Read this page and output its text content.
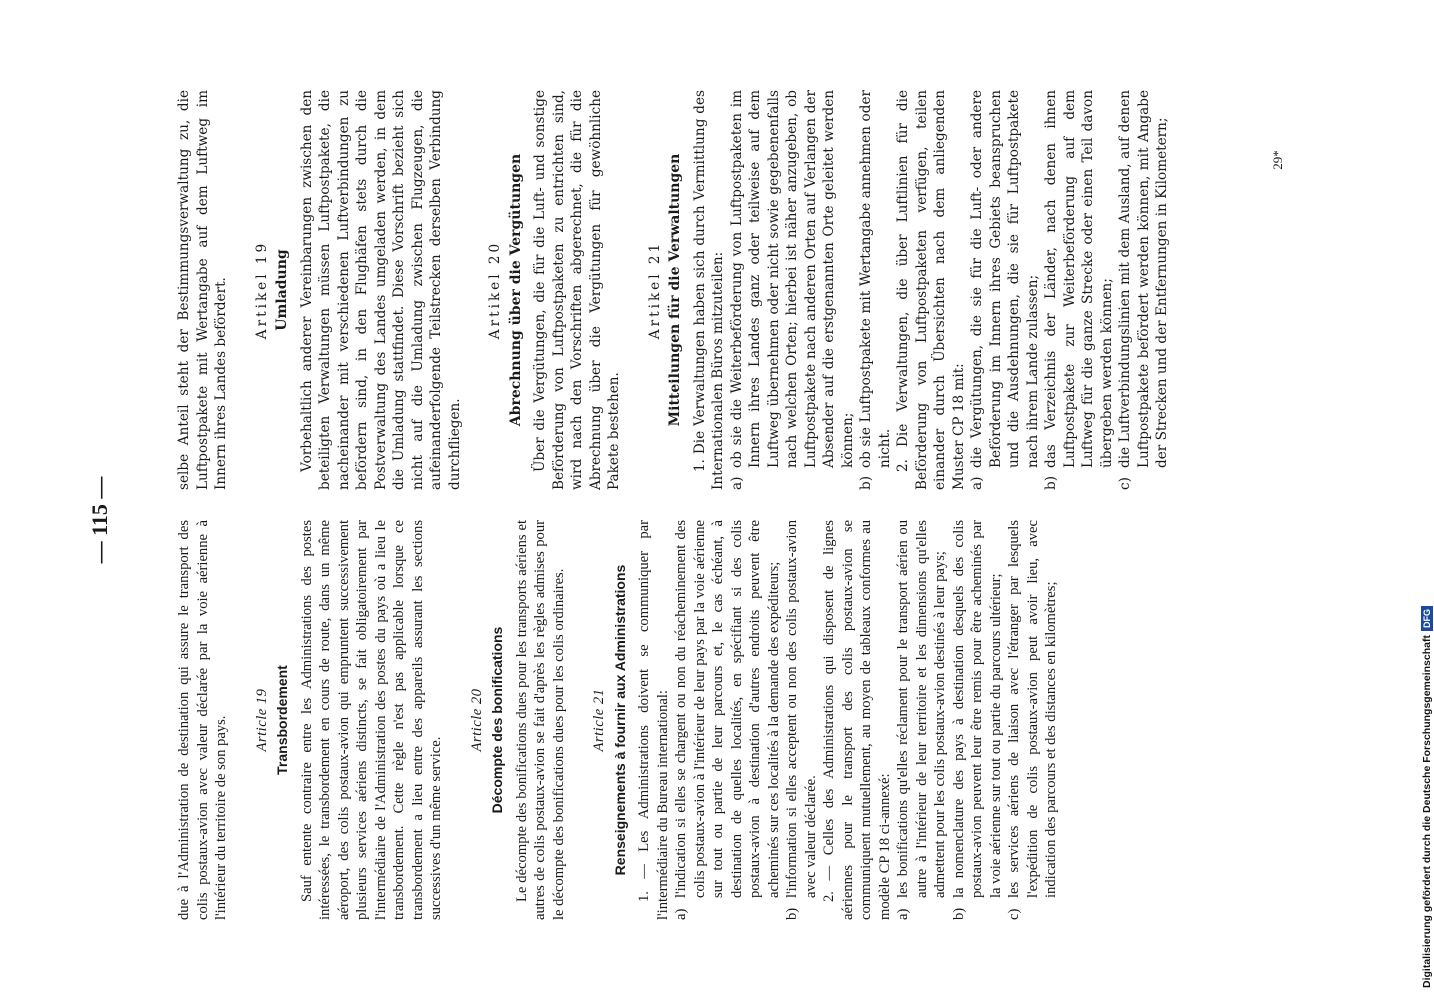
— 115 —	due à l'Administration de destination qui assure le transport des colis postaux-avion avec valeur déclarée par la voie aérienne à l'intérieur du territoire de son pays. Article 19 Transbordement Sauf entente contraire entre les Administrations des postes intéressées, le transbordement en cours de route, dans un même aéroport, des colis postaux-avion qui empruntent successivement plusieurs services aériens distincts, se fait obligatoirement par l'intermédiaire de l'Administration des postes du pays où a lieu le transbordement. Cette règle n'est pas applicable lorsque ce transbordement a lieu entre des appareils assurant les sections successives d'un même service.

Article 20 Décompte des bonifications Le décompte des bonifications dues pour les transports aériens et autres de colis postaux-avion se fait d'après les règles admises pour le décompte des bonifications dues pour les colis ordinaires. Article 21 Renseignements à fournir aux Administrations 1. — Les Administrations doivent se communiquer par l'intermédiaire du Bureau international: a)
l'indication si elles se chargent ou non du réacheminement des colis postaux-avion à l'intérieur de leur pays par la voie aérienne sur tout ou partie de leur parcours et, le cas échéant, à destination de quelles localités, en spécifiant si des colis postaux-avion à destination d'autres endroits peuvent être acheminés sur ces localités à la demande des expéditeurs;
b)
l'information si elles acceptent ou non des colis postaux-avion avec valeur déclarée. 2. — Celles des Administrations qui disposent de lignes aériennes pour le transport des colis postaux-avion se communiquent mutuellement, au moyen de tableaux conformes au modèle CP 18 ci-annexé: a)
les bonifications qu'elles réclament pour le transport aérien ou autre à l'intérieur de leur territoire et les dimensions qu'elles admettent pour les colis postaux-avion destinés à leur pays;
b)
la nomenclature des pays à destination desquels des colis postaux-avion peuvent leur être remis pour être acheminés par la voie aérienne sur tout ou partie du parcours ultérieur;
c)
les services aériens de liaison avec l'étranger par lesquels l'expédition de colis postaux-avion peut avoir lieu, avec indication des parcours et des distances en kilomètres;

selbe Anteil steht der Bestimmungsverwaltung zu, die Luftpostpakete mit Wertangabe auf dem Luftweg im Innern ihres Landes befördert. Artikel 19 Umladung Vorbehaltlich anderer Vereinbarungen zwischen den beteiligten Verwaltungen müssen Luftpostpakete, die nacheinander mit verschiedenen Luftverbindungen zu befördern sind, in den Flughäfen stets durch die Postverwaltung des Landes umgeladen werden, in dem die Umladung stattfindet. Diese Vorschrift bezieht sich nicht auf die Umladung zwischen Flugzeugen, die aufeinanderfolgende Teilstrecken derselben Verbindung durchfliegen.

Artikel 20 Abrechnung über die Vergütungen Über die Vergütungen, die für die Luft- und sonstige Beförderung von Luftpostpaketen zu entrichten sind, wird nach den Vorschriften abgerechnet, die für die Abrechnung über die Vergütungen für gewöhnliche Pakete bestehen.

Artikel 21 Mitteilungen für die Verwaltungen 1. Die Verwaltungen haben sich durch Vermittlung des Internationalen Büros mitzuteilen: a)
ob sie die Weiterbeförderung von Luftpostpaketen im Innern ihres Landes ganz oder teilweise auf dem Luftweg übernehmen oder nicht sowie gegebenenfalls nach welchen Orten; hierbei ist näher anzugeben, ob Luftpostpakete nach anderen Orten auf Verlangen der Absender auf die erstgenannten Orte geleitet werden können;
b)
ob sie Luftpostpakete mit Wertangabe annehmen oder nicht. 2. Die Verwaltungen, die über Luftlinien für die Beförderung von Luftpostpaketen verfügen, teilen einander durch Übersichten nach dem anliegenden Muster CP 18 mit: a)
die Vergütungen, die sie für die Luft- oder andere Beförderung im Innern ihres Gebiets beanspruchen und die Ausdehnungen, die sie für Luftpostpakete nach ihrem Lande zulassen;
b)
das Verzeichnis der Länder, nach denen ihnen Luftpostpakete zur Weiterbeförderung auf dem Luftweg für die ganze Strecke oder einen Teil davon übergeben werden können;
c)
die Luftverbindungslinien mit dem Ausland, auf denen Luftpostpakete befördert werden können, mit Angabe der Strecken und der Entfernungen in Kilometern;	29*
Digitalisierung gefördert durch die Deutsche Forschungsgemeinschaft
DFG
